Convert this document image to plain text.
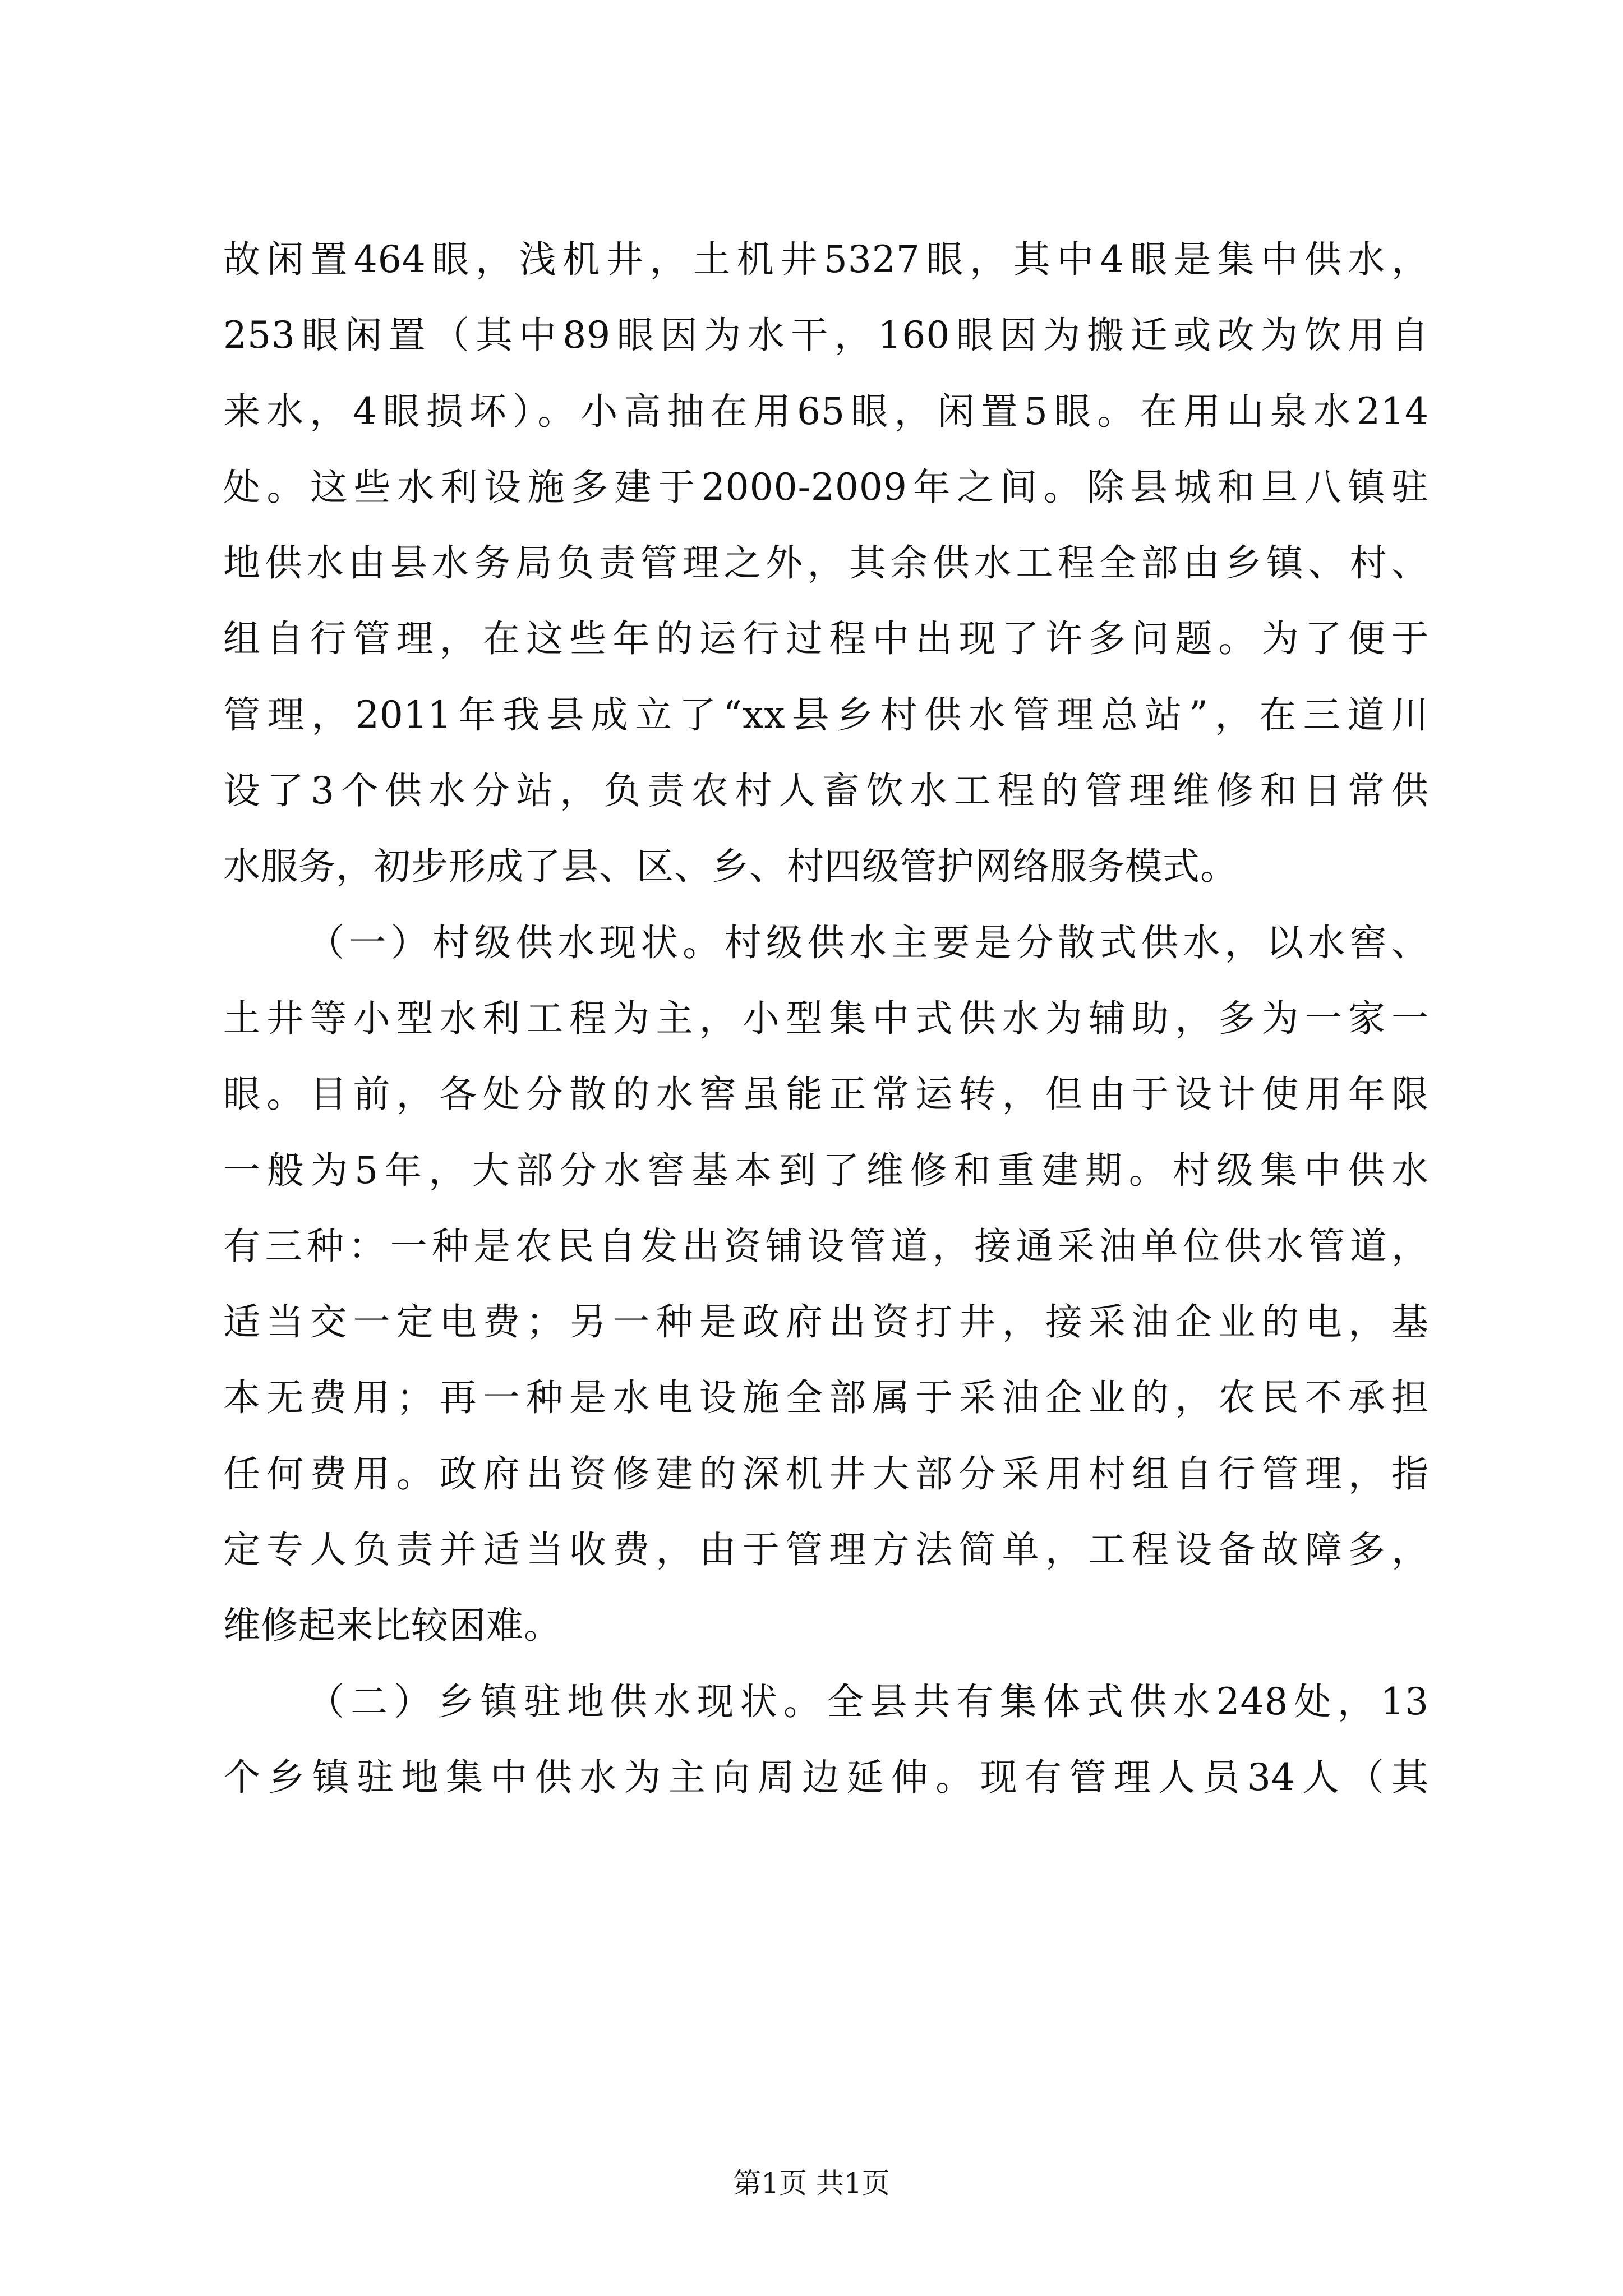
故闲置464眼，浅机井，土机井5327眼，其中4眼是集中供水，
253眼闲置（其中89眼因为水干，160眼因为搬迁或改为饮用自
来水，4眼损坏）。小高抽在用65眼，闲置5眼。在用山泉水214
处。这些水利设施多建于2000-2009年之间。除县城和旦八镇驻
地供水由县水务局负责管理之外，其余供水工程全部由乡镇、村、
组自行管理，在这些年的运行过程中出现了许多问题。为了便于
管理，2011年我县成立了“xx县乡村供水管理总站”，在三道川
设了3个供水分站，负责农村人畜饮水工程的管理维修和日常供
水服务，初步形成了县、区、乡、村四级管护网络服务模式。
（一）村级供水现状。村级供水主要是分散式供水，以水窖、
土井等小型水利工程为主，小型集中式供水为辅助，多为一家一
眼。目前，各处分散的水窖虽能正常运转，但由于设计使用年限
一般为5年，大部分水窖基本到了维修和重建期。村级集中供水
有三种：一种是农民自发出资铺设管道，接通采油单位供水管道，
适当交一定电费；另一种是政府出资打井，接采油企业的电，基
本无费用；再一种是水电设施全部属于采油企业的，农民不承担
任何费用。政府出资修建的深机井大部分采用村组自行管理，指
定专人负责并适当收费，由于管理方法简单，工程设备故障多，
维修起来比较困难。
（二）乡镇驻地供水现状。全县共有集体式供水248处，13
个乡镇驻地集中供水为主向周边延伸。现有管理人员34人（其
第1页 共1页
